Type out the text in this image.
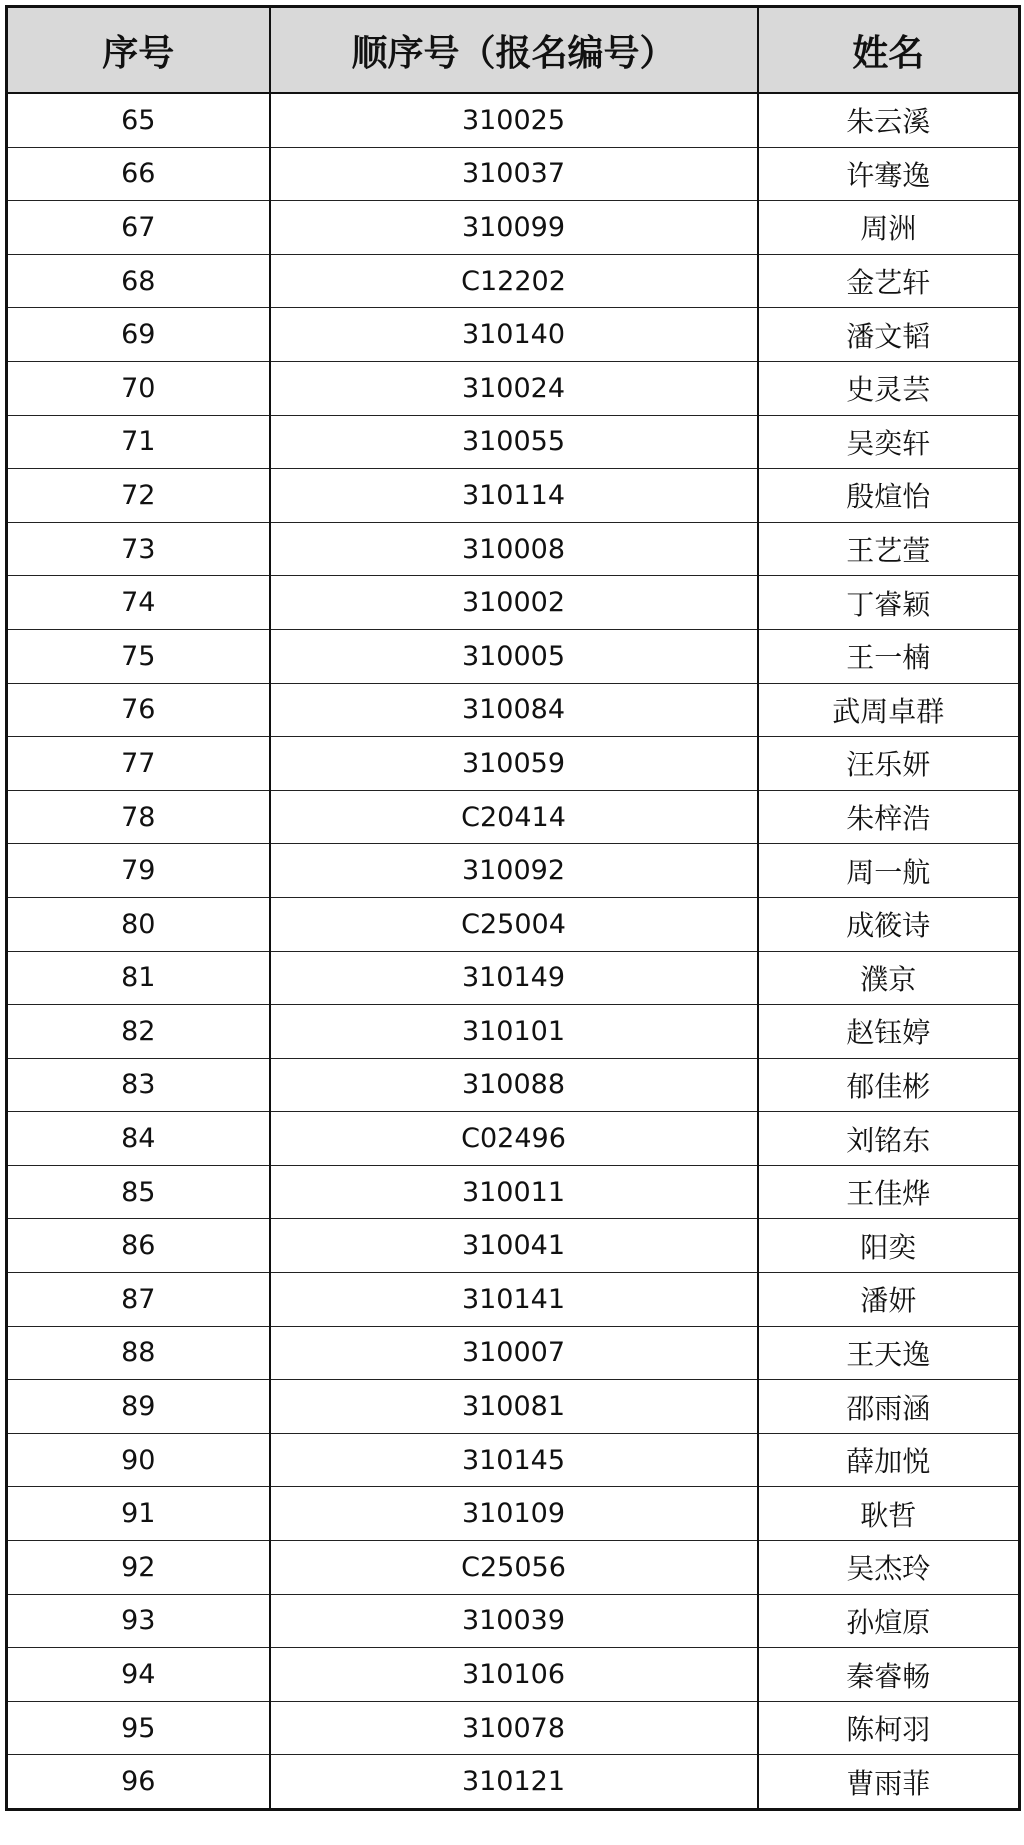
序号	顺序号（报名编号）	姓名
65	310025	朱云溪
66	310037	许骞逸
67	310099	周洲
68	C12202	金艺轩
69	310140	潘文韬
70	310024	史灵芸
71	310055	吴奕轩
72	310114	殷煊怡
73	310008	王艺萱
74	310002	丁睿颖
75	310005	王一楠
76	310084	武周卓群
77	310059	汪乐妍
78	C20414	朱梓浩
79	310092	周一航
80	C25004	成筱诗
81	310149	濮京
82	310101	赵钰婷
83	310088	郁佳彬
84	C02496	刘铭东
85	310011	王佳烨
86	310041	阳奕
87	310141	潘妍
88	310007	王天逸
89	310081	邵雨涵
90	310145	薛加悦
91	310109	耿哲
92	C25056	吴杰玲
93	310039	孙煊原
94	310106	秦睿畅
95	310078	陈柯羽
96	310121	曹雨菲
